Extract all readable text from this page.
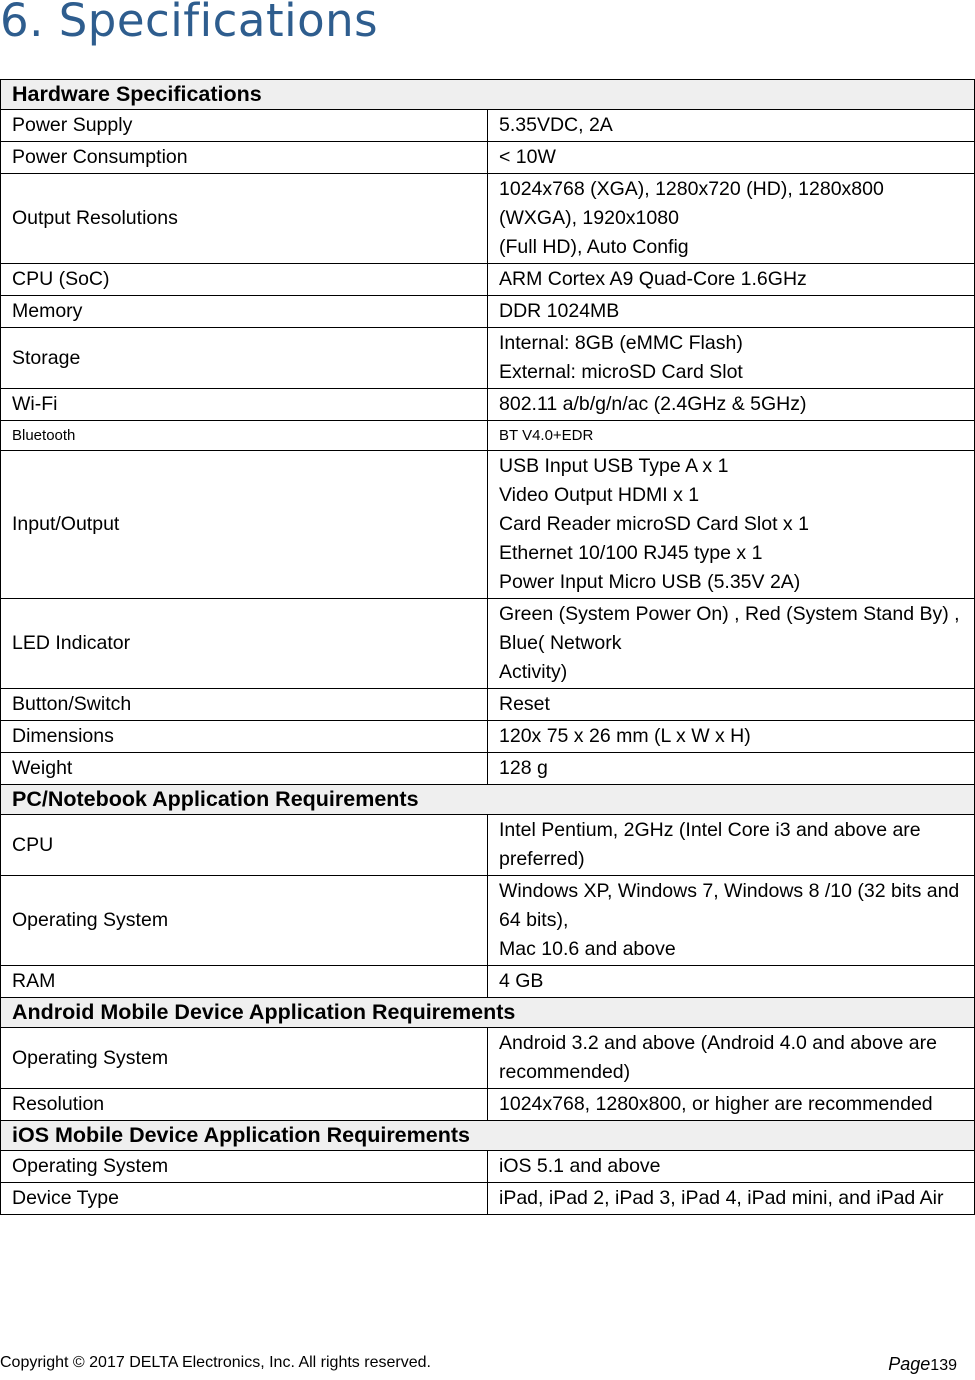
6. Specifications
Hardware Specifications	
Power Supply	5.35VDC, 2A

Power Consumption	< 10W

Output Resolutions	1024x768 (XGA), 1280x720 (HD), 1280x800 (WXGA), 1920x1080
(Full HD), Auto Config

CPU (SoC)	ARM Cortex A9 Quad-Core 1.6GHz

Memory	DDR 1024MB

Storage	Internal: 8GB (eMMC Flash)
External: microSD Card Slot

Wi-Fi	802.11 a/b/g/n/ac (2.4GHz & 5GHz)

Bluetooth	BT V4.0+EDR

Input/Output	USB Input USB Type A x 1
Video Output HDMI x 1
Card Reader microSD Card Slot x 1
Ethernet 10/100 RJ45 type x 1
Power Input Micro USB (5.35V 2A)

LED Indicator	Green (System Power On) , Red (System Stand By) , Blue( Network
Activity)

Button/Switch	Reset

Dimensions	120x 75 x 26 mm (L x W x H)

Weight	128 g

PC/Notebook Application Requirements	
CPU	Intel Pentium, 2GHz (Intel Core i3 and above are preferred)

Operating System	Windows XP, Windows 7, Windows 8 /10 (32 bits and 64 bits),
Mac 10.6 and above

RAM	4 GB

Android Mobile Device Application Requirements	
Operating System	Android 3.2 and above (Android 4.0 and above are
recommended)

Resolution	1024x768, 1280x800, or higher are recommended

iOS Mobile Device Application Requirements	
Operating System	iOS 5.1 and above

Device Type	iPad, iPad 2, iPad 3, iPad 4, iPad mini, and iPad Air
Copyright © 2017 DELTA Electronics, Inc. All rights reserved.	Page139
